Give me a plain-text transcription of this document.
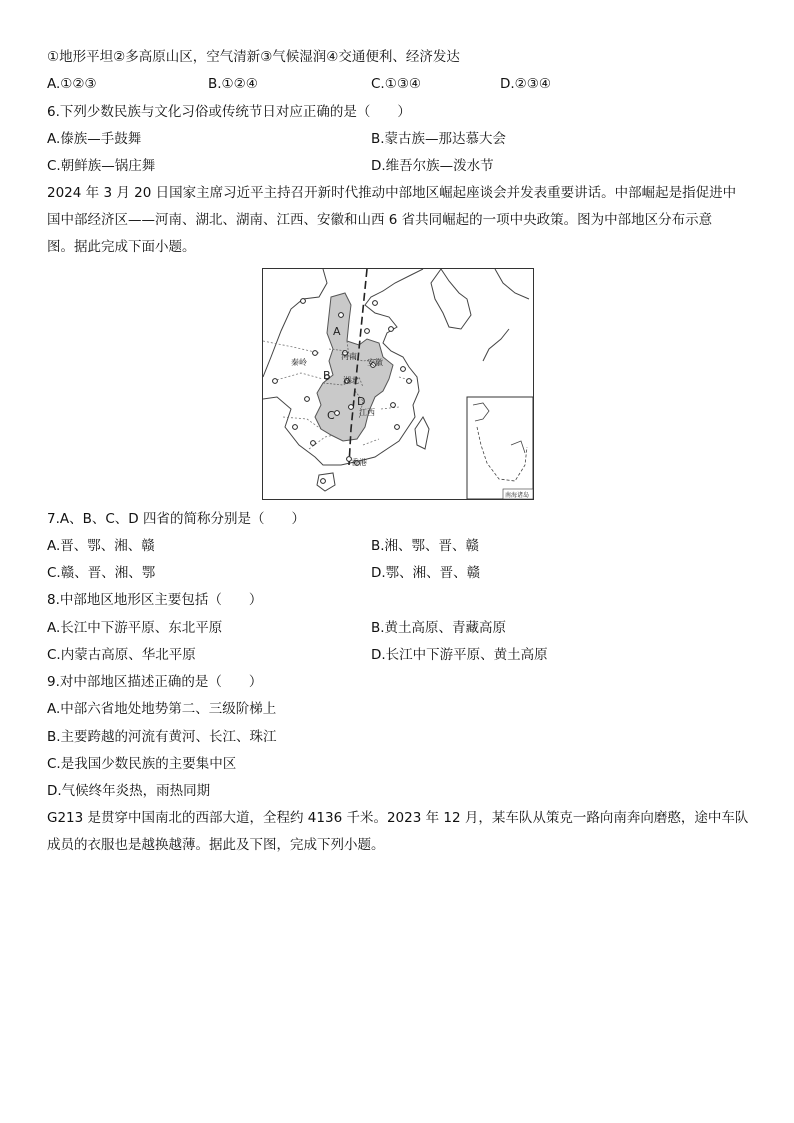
①地形平坦②多高原山区，空气清新③气候湿润④交通便利、经济发达
A.①②③	B.①②④	C.①③④	D.②③④
6.下列少数民族与文化习俗或传统节日对应正确的是（　　）
A.傣族—手鼓舞	B.蒙古族—那达慕大会
C.朝鲜族—锅庄舞	D.维吾尔族—泼水节
2024 年 3 月 20 日国家主席习近平主持召开新时代推动中部地区崛起座谈会并发表重要讲话。中部崛起是指促进中
国中部经济区——河南、湖北、湖南、江西、安徽和山西 6 省共同崛起的一项中央政策。图为中部地区分布示意
图。据此完成下面小题。
A
B
C
D
河南
安徽
湖北
江西
秦岭
香港
南海诸岛
7.A、B、C、D 四省的简称分别是（　　）
A.晋、鄂、湘、赣	B.湘、鄂、晋、赣
C.赣、晋、湘、鄂	D.鄂、湘、晋、赣
8.中部地区地形区主要包括（　　）
A.长江中下游平原、东北平原	B.黄土高原、青藏高原
C.内蒙古高原、华北平原	D.长江中下游平原、黄土高原
9.对中部地区描述正确的是（　　）
A.中部六省地处地势第二、三级阶梯上
B.主要跨越的河流有黄河、长江、珠江
C.是我国少数民族的主要集中区
D.气候终年炎热，雨热同期
G213 是贯穿中国南北的西部大道，全程约 4136 千米。2023 年 12 月，某车队从策克一路向南奔向磨憨，途中车队
成员的衣服也是越换越薄。据此及下图，完成下列小题。
